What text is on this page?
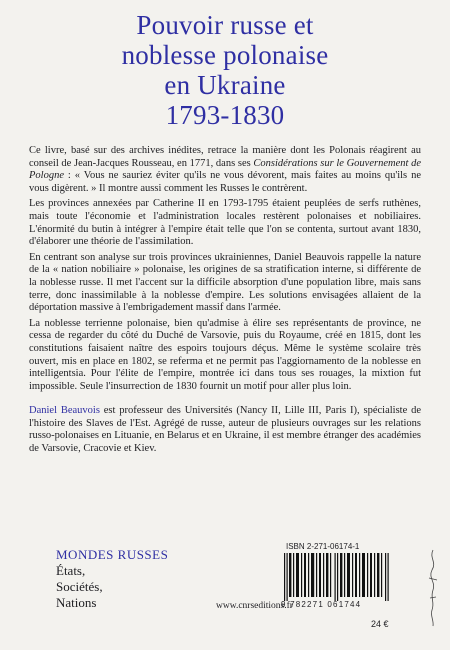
Pouvoir russe et
noblesse polonaise
en Ukraine
1793-1830

Ce livre, basé sur des archives inédites, retrace la manière dont les Polonais réagirent au conseil de Jean-Jacques Rousseau, en 1771, dans ses Considérations sur le Gouvernement de Pologne : « Vous ne sauriez éviter qu'ils ne vous dévorent, mais faites au moins qu'ils ne vous digèrent. » Il montre aussi comment les Russes le contrèrent.

Les provinces annexées par Catherine II en 1793-1795 étaient peuplées de serfs ruthènes, mais toute l'économie et l'administration locales restèrent polonaises et nobiliaires. L'énormité du butin à intégrer à l'empire était telle que l'on se contenta, surtout avant 1830, d'élaborer une théorie de l'assimilation.

En centrant son analyse sur trois provinces ukrainiennes, Daniel Beauvois rappelle la nature de la « nation nobiliaire » polonaise, les origines de sa stratification interne, si différente de la noblesse russe. Il met l'accent sur la difficile absorption d'une population libre, mais sans terre, donc inassimilable à la noblesse d'empire. Les solutions envisagées allaient de la déportation massive à l'embrigadement massif dans l'armée.

La noblesse terrienne polonaise, bien qu'admise à élire ses représentants de province, ne cessa de regarder du côté du Duché de Varsovie, puis du Royaume, créé en 1815, dont les constitutions faisaient naître des espoirs toujours déçus. Même le système scolaire très ouvert, mis en place en 1802, se referma et ne permit pas l'aggiornamento de la noblesse en intelligentsia. Pour l'élite de l'empire, montrée ici dans tous ses rouages, la mixtion fut impossible. Seule l'insurrection de 1830 fournit un motif pour aller plus loin.

Daniel Beauvois est professeur des Universités (Nancy II, Lille III, Paris I), spécialiste de l'histoire des Slaves de l'Est. Agrégé de russe, auteur de plusieurs ouvrages sur les relations russo-polonaises en Lituanie, en Belarus et en Ukraine, il est membre étranger des académies de Varsovie, Cracovie et Kiev.

MONDES RUSSES
États,
Sociétés,
Nations
ISBN 2-271-06174-1
9 782271 061744
www.cnrseditions.fr
24 €
